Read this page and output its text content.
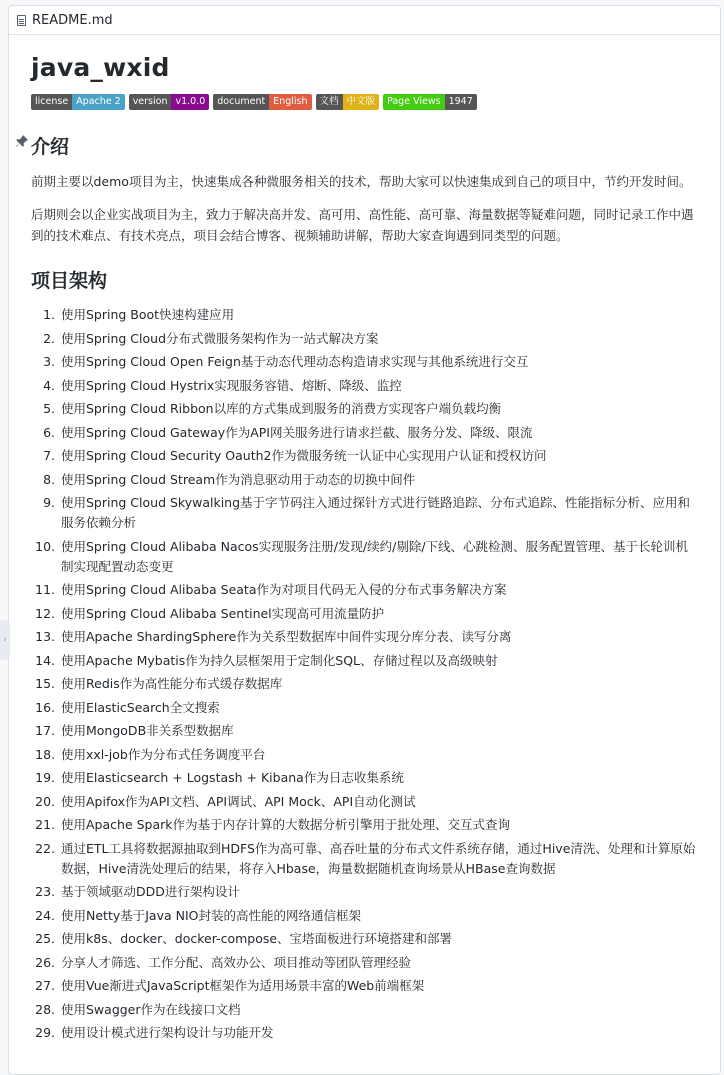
README.md
java_wxid
license Apache 2	version v1.0.0	document English	文档 中文版	Page Views 1947
介绍

前期主要以demo项目为主，快速集成各种微服务相关的技术，帮助大家可以快速集成到自己的项目中，节约开发时间。

后期则会以企业实战项目为主，致力于解决高并发、高可用、高性能、高可靠、海量数据等疑难问题，同时记录工作中遇到的技术难点、有技术亮点，项目会结合博客、视频辅助讲解，帮助大家查询遇到同类型的问题。

项目架构
1. 使用Spring Boot快速构建应用
2. 使用Spring Cloud分布式微服务架构作为一站式解决方案
3. 使用Spring Cloud Open Feign基于动态代理动态构造请求实现与其他系统进行交互
4. 使用Spring Cloud Hystrix实现服务容错、熔断、降级、监控
5. 使用Spring Cloud Ribbon以库的方式集成到服务的消费方实现客户端负载均衡
6. 使用Spring Cloud Gateway作为API网关服务进行请求拦截、服务分发、降级、限流
7. 使用Spring Cloud Security Oauth2作为微服务统一认证中心实现用户认证和授权访问
8. 使用Spring Cloud Stream作为消息驱动用于动态的切换中间件
9. 使用Spring Cloud Skywalking基于字节码注入通过探针方式进行链路追踪、分布式追踪、性能指标分析、应用和服务依赖分析
10. 使用Spring Cloud Alibaba Nacos实现服务注册/发现/续约/剔除/下线、心跳检测、服务配置管理、基于长轮训机制实现配置动态变更
11. 使用Spring Cloud Alibaba Seata作为对项目代码无入侵的分布式事务解决方案
12. 使用Spring Cloud Alibaba Sentinel实现高可用流量防护
13. 使用Apache ShardingSphere作为关系型数据库中间件实现分库分表、读写分离
14. 使用Apache Mybatis作为持久层框架用于定制化SQL、存储过程以及高级映射
15. 使用Redis作为高性能分布式缓存数据库
16. 使用ElasticSearch全文搜索
17. 使用MongoDB非关系型数据库
18. 使用xxl-job作为分布式任务调度平台
19. 使用Elasticsearch + Logstash + Kibana作为日志收集系统
20. 使用Apifox作为API文档、API调试、API Mock、API自动化测试
21. 使用Apache Spark作为基于内存计算的大数据分析引擎用于批处理、交互式查询
22. 通过ETL工具将数据源抽取到HDFS作为高可靠、高吞吐量的分布式文件系统存储，通过Hive清洗、处理和计算原始数据，Hive清洗处理后的结果，将存入Hbase，海量数据随机查询场景从HBase查询数据
23. 基于领域驱动DDD进行架构设计
24. 使用Netty基于Java NIO封装的高性能的网络通信框架
25. 使用k8s、docker、docker-compose、宝塔面板进行环境搭建和部署
26. 分享人才筛选、工作分配、高效办公、项目推动等团队管理经验
27. 使用Vue渐进式JavaScript框架作为适用场景丰富的Web前端框架
28. 使用Swagger作为在线接口文档
29. 使用设计模式进行架构设计与功能开发
›
